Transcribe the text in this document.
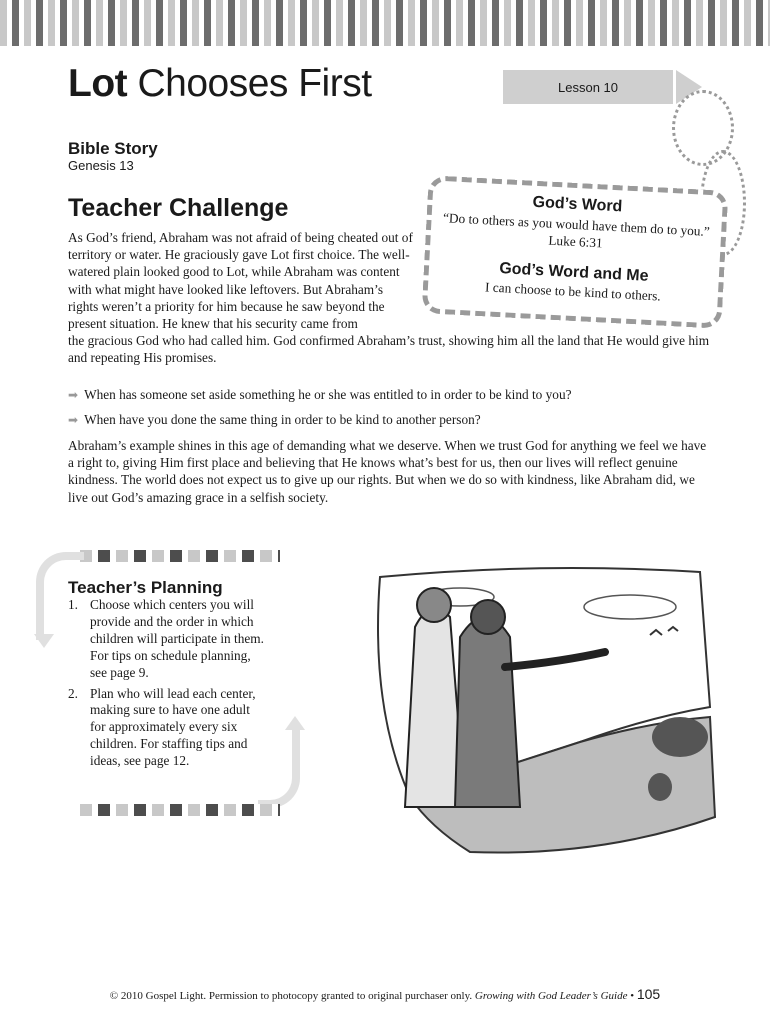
Lot Chooses First	Lesson 10
Bible Story
Genesis 13
Teacher Challenge
As God’s friend, Abraham was not afraid of being cheated out of territory or water. He graciously gave Lot first choice. The well-watered plain looked good to Lot, while Abraham was content with what might have looked like leftovers. But Abraham’s rights weren’t a priority for him because he saw beyond the present situation. He knew that his security came from
the gracious God who had called him. God confirmed Abraham’s trust, showing him all the land that He would give him and repeating His promises.
➡ When has someone set aside something he or she was entitled to in order to be kind to you?
➡ When have you done the same thing in order to be kind to another person?
Abraham’s example shines in this age of demanding what we deserve. When we trust God for anything we feel we have a right to, giving Him first place and believing that He knows what’s best for us, then our lives will reflect genuine kindness. The world does not expect us to give up our rights. But when we do so with kindness, like Abraham did, we live out God’s amazing grace in a selfish society.
God’s Word
“Do to others as you would have them do to you.” Luke 6:31
God’s Word and Me
I can choose to be kind to others.
Teacher’s Planning
1. Choose which centers you will provide and the order in which children will participate in them. For tips on schedule planning, see page 9.
2. Plan who will lead each center, making sure to have one adult for approximately every six children. For staffing tips and ideas, see page 12.
© 2010 Gospel Light. Permission to photocopy granted to original purchaser only. Growing with God Leader’s Guide • 105
